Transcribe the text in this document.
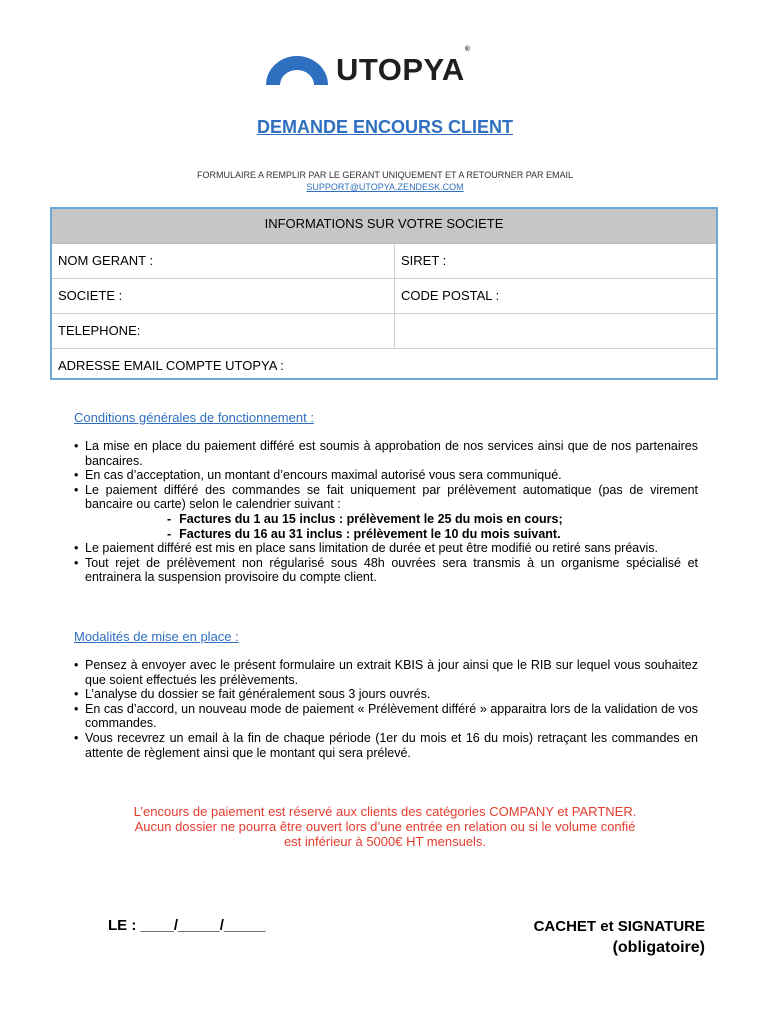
UTOPYA®
DEMANDE ENCOURS CLIENT
FORMULAIRE A REMPLIR PAR LE GERANT UNIQUEMENT ET A RETOURNER PAR EMAIL
SUPPORT@UTOPYA.ZENDESK.COM
INFORMATIONS SUR VOTRE SOCIETE
NOM GERANT :	SIRET :
SOCIETE :	CODE POSTAL :
TELEPHONE:
ADRESSE EMAIL COMPTE UTOPYA :
Conditions générales de fonctionnement :
• La mise en place du paiement différé est soumis à approbation de nos services ainsi que de nos partenaires bancaires.
• En cas d’acceptation, un montant d’encours maximal autorisé vous sera communiqué.
• Le paiement différé des commandes se fait uniquement par prélèvement automatique (pas de virement bancaire ou carte) selon le calendrier suivant :
- Factures du 1 au 15 inclus : prélèvement le 25 du mois en cours;
- Factures du 16 au 31 inclus : prélèvement le 10 du mois suivant.
• Le paiement différé est mis en place sans limitation de durée et peut être modifié ou retiré sans préavis.
• Tout rejet de prélèvement non régularisé sous 48h ouvrées sera transmis à un organisme spécialisé et entrainera la suspension provisoire du compte client.
Modalités de mise en place :
• Pensez à envoyer avec le présent formulaire un extrait KBIS à jour ainsi que le RIB sur lequel vous souhaitez que soient effectués les prélèvements.
• L’analyse du dossier se fait généralement sous 3 jours ouvrés.
• En cas d’accord, un nouveau mode de paiement « Prélèvement différé » apparaitra lors de la validation de vos commandes.
• Vous recevrez un email à la fin de chaque période (1er du mois et 16 du mois) retraçant les commandes en attente de règlement ainsi que le montant qui sera prélevé.
L’encours de paiement est réservé aux clients des catégories COMPANY et PARTNER.
Aucun dossier ne pourra être ouvert lors d’une entrée en relation ou si le volume confié
est inférieur à 5000€ HT mensuels.
LE : ____/_____/_____	CACHET et SIGNATURE
(obligatoire)
